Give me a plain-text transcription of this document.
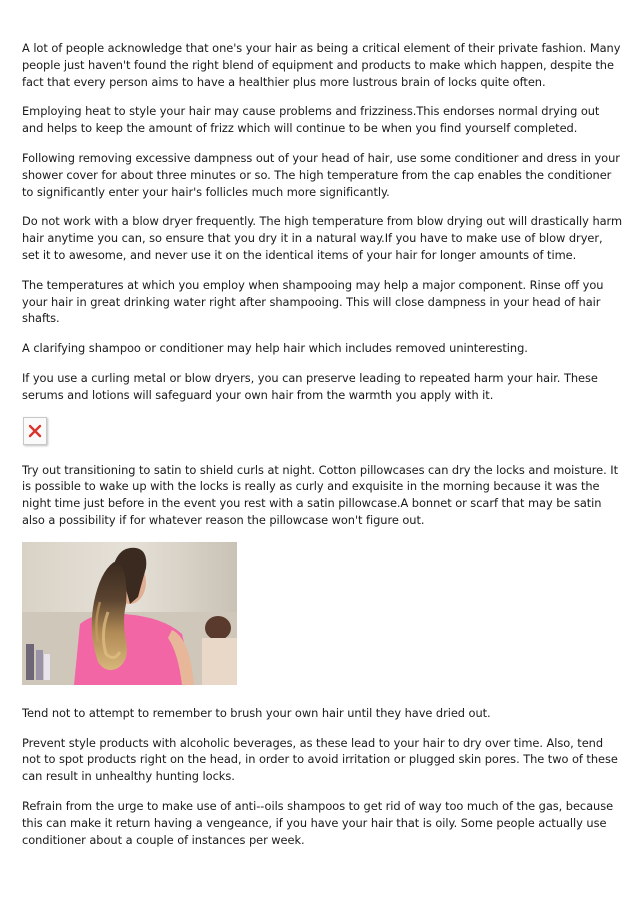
A lot of people acknowledge that one's your hair as being a critical element of their private fashion. Many people just haven't found the right blend of equipment and products to make which happen, despite the fact that every person aims to have a healthier plus more lustrous brain of locks quite often.

Employing heat to style your hair may cause problems and frizziness.This endorses normal drying out and helps to keep the amount of frizz which will continue to be when you find yourself completed.

Following removing excessive dampness out of your head of hair, use some conditioner and dress in your shower cover for about three minutes or so. The high temperature from the cap enables the conditioner to significantly enter your hair's follicles much more significantly.

Do not work with a blow dryer frequently. The high temperature from blow drying out will drastically harm hair anytime you can, so ensure that you dry it in a natural way.If you have to make use of blow dryer, set it to awesome, and never use it on the identical items of your hair for longer amounts of time.

The temperatures at which you employ when shampooing may help a major component. Rinse off you your hair in great drinking water right after shampooing. This will close dampness in your head of hair shafts.

A clarifying shampoo or conditioner may help hair which includes removed uninteresting.

If you use a curling metal or blow dryers, you can preserve leading to repeated harm your hair. These serums and lotions will safeguard your own hair from the warmth you apply with it.

Try out transitioning to satin to shield curls at night. Cotton pillowcases can dry the locks and moisture. It is possible to wake up with the locks is really as curly and exquisite in the morning because it was the night time just before in the event you rest with a satin pillowcase.A bonnet or scarf that may be satin also a possibility if for whatever reason the pillowcase won't figure out.

Tend not to attempt to remember to brush your own hair until they have dried out.

Prevent style products with alcoholic beverages, as these lead to your hair to dry over time. Also, tend not to spot products right on the head, in order to avoid irritation or plugged skin pores. The two of these can result in unhealthy hunting locks.

Refrain from the urge to make use of anti--oils shampoos to get rid of way too much of the gas, because this can make it return having a vengeance, if you have your hair that is oily. Some people actually use conditioner about a couple of instances per week.
